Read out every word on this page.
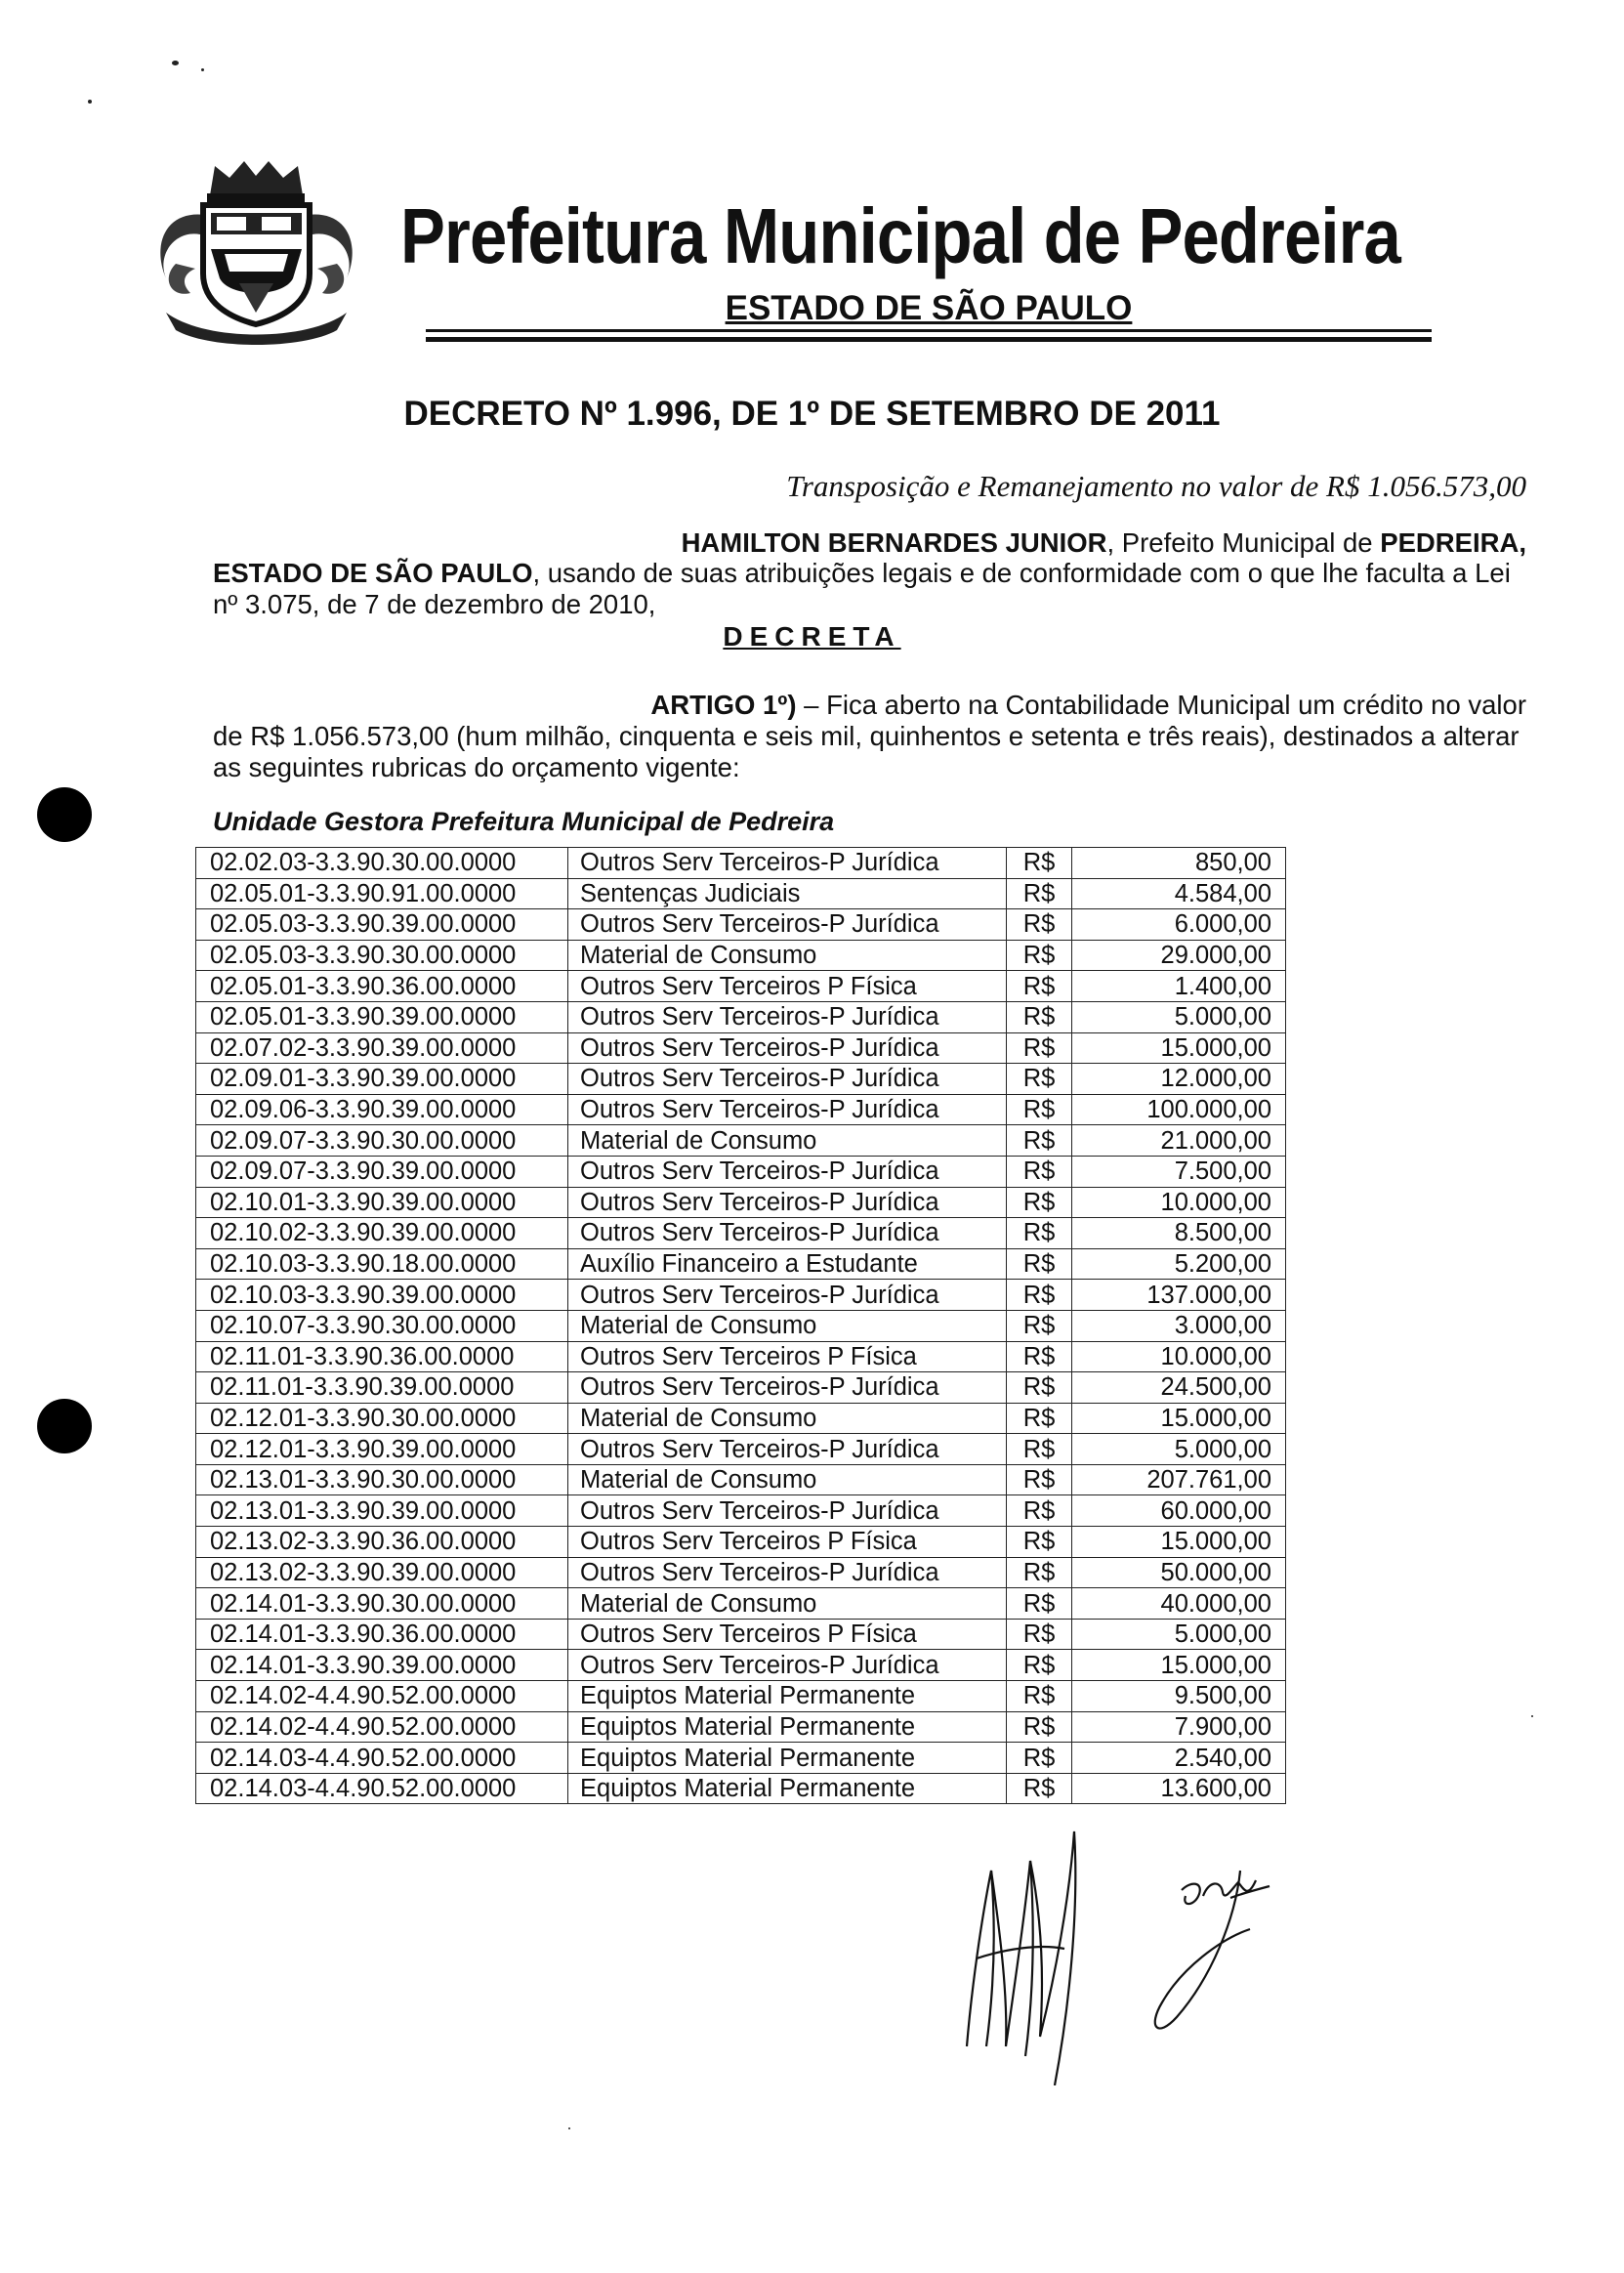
Prefeitura Municipal de Pedreira
ESTADO DE SÃO PAULO
DECRETO Nº 1.996, DE 1º DE SETEMBRO DE 2011
Transposição e Remanejamento no valor de R$ 1.056.573,00
HAMILTON BERNARDES JUNIOR, Prefeito Municipal de PEDREIRA,
ESTADO DE SÃO PAULO, usando de suas atribuições legais e de conformidade com o que lhe faculta a Lei
nº 3.075, de 7 de dezembro de 2010,
DECRETA
ARTIGO 1º) – Fica aberto na Contabilidade Municipal um crédito no valor
de R$ 1.056.573,00 (hum milhão, cinquenta e seis mil, quinhentos e setenta e três reais), destinados a alterar
as seguintes rubricas do orçamento vigente:
Unidade Gestora Prefeitura Municipal de Pedreira
02.02.03-3.3.90.30.00.0000	Outros Serv Terceiros-P Jurídica	R$	850,00
02.05.01-3.3.90.91.00.0000	Sentenças Judiciais	R$	4.584,00
02.05.03-3.3.90.39.00.0000	Outros Serv Terceiros-P Jurídica	R$	6.000,00
02.05.03-3.3.90.30.00.0000	Material de Consumo	R$	29.000,00
02.05.01-3.3.90.36.00.0000	Outros Serv Terceiros P Física	R$	1.400,00
02.05.01-3.3.90.39.00.0000	Outros Serv Terceiros-P Jurídica	R$	5.000,00
02.07.02-3.3.90.39.00.0000	Outros Serv Terceiros-P Jurídica	R$	15.000,00
02.09.01-3.3.90.39.00.0000	Outros Serv Terceiros-P Jurídica	R$	12.000,00
02.09.06-3.3.90.39.00.0000	Outros Serv Terceiros-P Jurídica	R$	100.000,00
02.09.07-3.3.90.30.00.0000	Material de Consumo	R$	21.000,00
02.09.07-3.3.90.39.00.0000	Outros Serv Terceiros-P Jurídica	R$	7.500,00
02.10.01-3.3.90.39.00.0000	Outros Serv Terceiros-P Jurídica	R$	10.000,00
02.10.02-3.3.90.39.00.0000	Outros Serv Terceiros-P Jurídica	R$	8.500,00
02.10.03-3.3.90.18.00.0000	Auxílio Financeiro a Estudante	R$	5.200,00
02.10.03-3.3.90.39.00.0000	Outros Serv Terceiros-P Jurídica	R$	137.000,00
02.10.07-3.3.90.30.00.0000	Material de Consumo	R$	3.000,00
02.11.01-3.3.90.36.00.0000	Outros Serv Terceiros P Física	R$	10.000,00
02.11.01-3.3.90.39.00.0000	Outros Serv Terceiros-P Jurídica	R$	24.500,00
02.12.01-3.3.90.30.00.0000	Material de Consumo	R$	15.000,00
02.12.01-3.3.90.39.00.0000	Outros Serv Terceiros-P Jurídica	R$	5.000,00
02.13.01-3.3.90.30.00.0000	Material de Consumo	R$	207.761,00
02.13.01-3.3.90.39.00.0000	Outros Serv Terceiros-P Jurídica	R$	60.000,00
02.13.02-3.3.90.36.00.0000	Outros Serv Terceiros P Física	R$	15.000,00
02.13.02-3.3.90.39.00.0000	Outros Serv Terceiros-P Jurídica	R$	50.000,00
02.14.01-3.3.90.30.00.0000	Material de Consumo	R$	40.000,00
02.14.01-3.3.90.36.00.0000	Outros Serv Terceiros P Física	R$	5.000,00
02.14.01-3.3.90.39.00.0000	Outros Serv Terceiros-P Jurídica	R$	15.000,00
02.14.02-4.4.90.52.00.0000	Equiptos Material Permanente	R$	9.500,00
02.14.02-4.4.90.52.00.0000	Equiptos Material Permanente	R$	7.900,00
02.14.03-4.4.90.52.00.0000	Equiptos Material Permanente	R$	2.540,00
02.14.03-4.4.90.52.00.0000	Equiptos Material Permanente	R$	13.600,00
